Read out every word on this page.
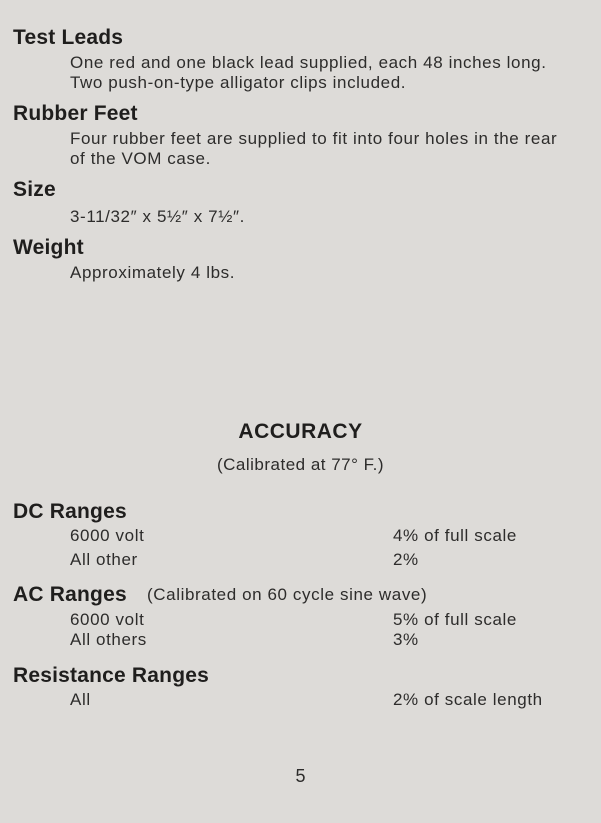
Test Leads

One red and one black lead supplied, each 48 inches long.

Two push-on-type alligator clips included.

Rubber Feet

Four rubber feet are supplied to fit into four holes in the rear

of the VOM case.

Size

3-11/32″ x 5½″ x 7½″.

Weight

Approximately 4 lbs.

ACCURACY
(Calibrated at 77° F.)
DC Ranges
6000 volt	4% of full scale
All other	2%
AC Ranges (Calibrated on 60 cycle sine wave)
6000 volt	5% of full scale
All others	3%
Resistance Ranges
All	2% of scale length
5
